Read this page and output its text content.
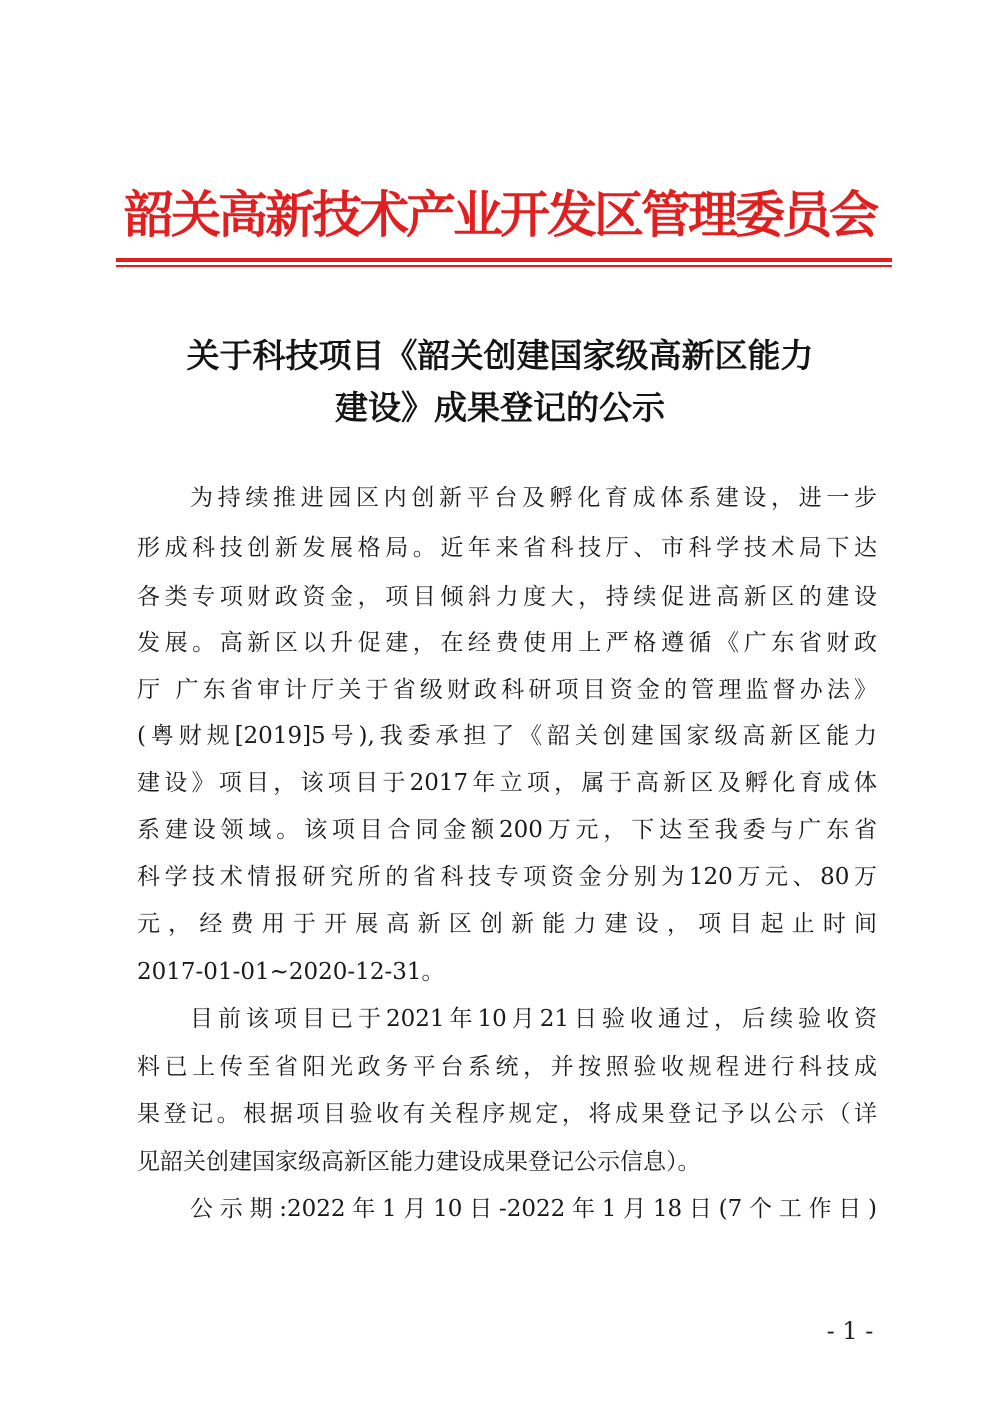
韶关高新技术产业开发区管理委员会
关于科技项目《韶关创建国家级高新区能力
建设》成果登记的公示
为持续推进园区内创新平台及孵化育成体系建设，进一步
形成科技创新发展格局。近年来省科技厅、市科学技术局下达
各类专项财政资金，项目倾斜力度大，持续促进高新区的建设
发展。高新区以升促建，在经费使用上严格遵循《广东省财政
厅 广东省审计厅关于省级财政科研项目资金的管理监督办法》
(粤财规[2019]5号),我委承担了《韶关创建国家级高新区能力
建设》项目，该项目于2017年立项，属于高新区及孵化育成体
系建设领域。该项目合同金额200万元，下达至我委与广东省
科学技术情报研究所的省科技专项资金分别为120万元、80万
元，经费用于开展高新区创新能力建设，项目起止时间
2017-01-01~2020-12-31。
目前该项目已于2021年10月21日验收通过，后续验收资
料已上传至省阳光政务平台系统，并按照验收规程进行科技成
果登记。根据项目验收有关程序规定，将成果登记予以公示（详
见韶关创建国家级高新区能力建设成果登记公示信息）。
公示期:2022年1月10日-2022年1月18日(7个工作日)
- 1 -
